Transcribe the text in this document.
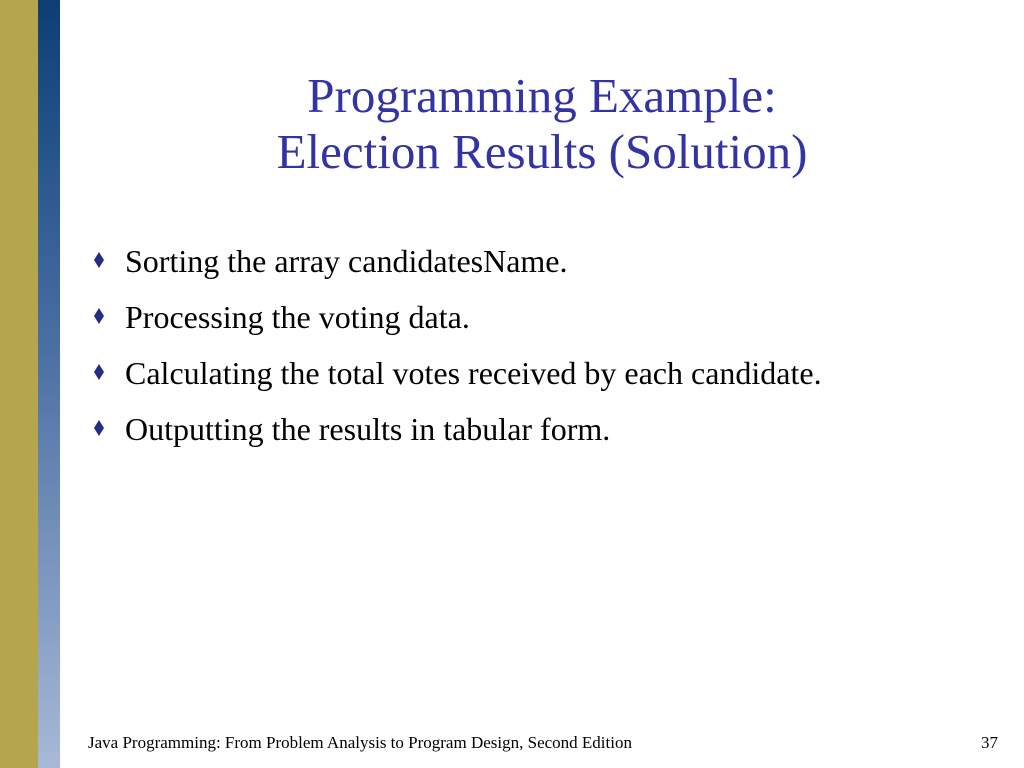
Programming Example:
Election Results (Solution)
Sorting the array candidatesName.
Processing the voting data.
Calculating the total votes received by each candidate.
Outputting the results in tabular form.
Java Programming: From Problem Analysis to Program Design, Second Edition	37
